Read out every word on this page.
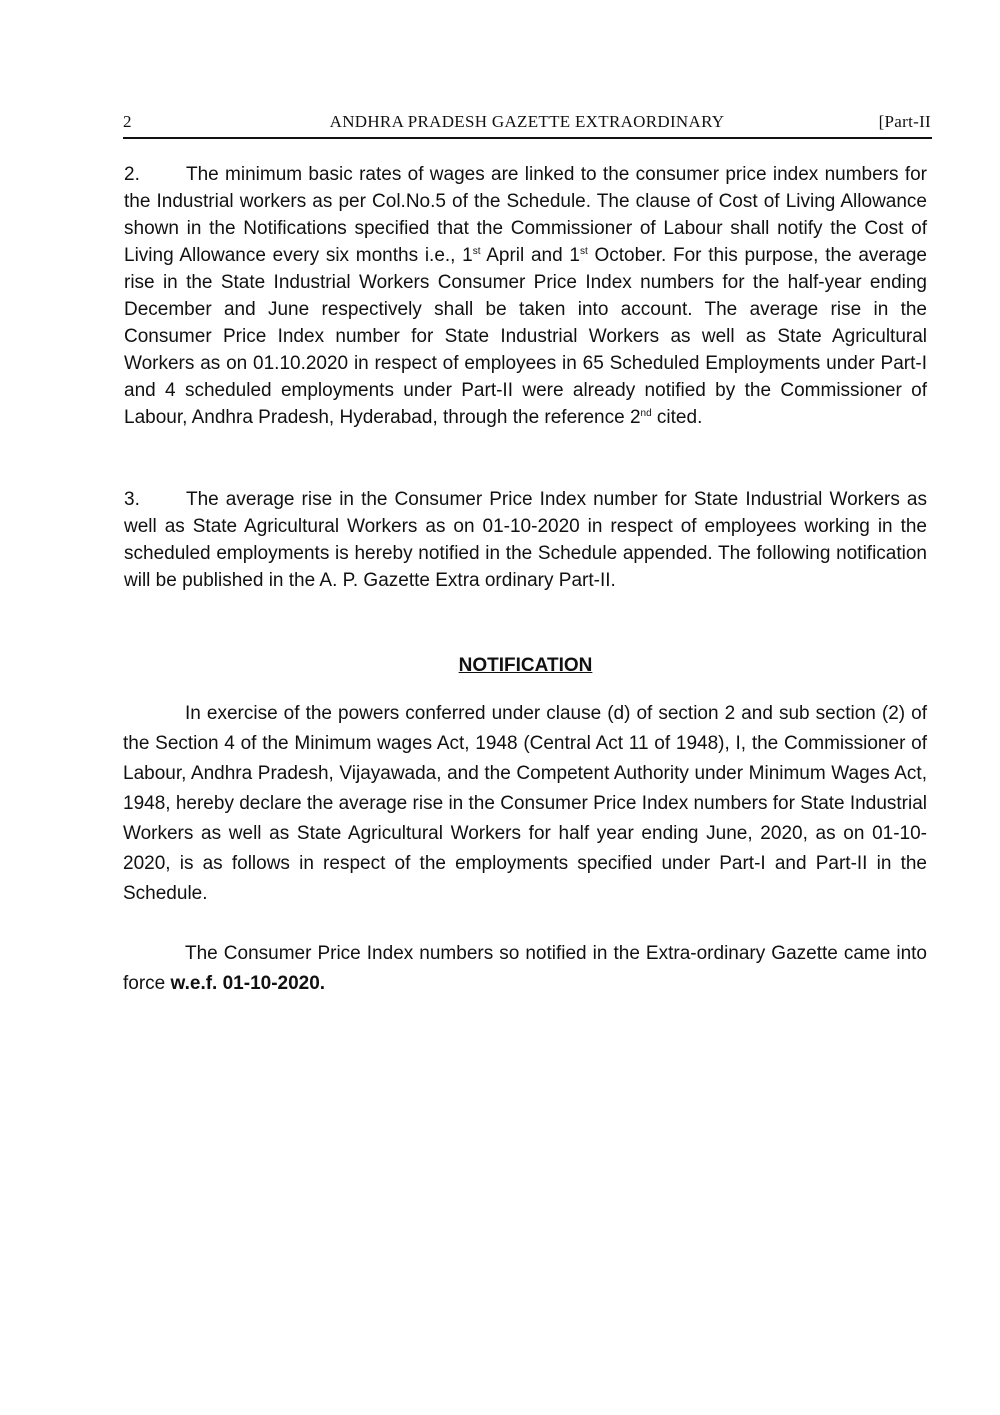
2	ANDHRA PRADESH GAZETTE EXTRAORDINARY	[Part-II

2. The minimum basic rates of wages are linked to the consumer price index numbers for the Industrial workers as per Col.No.5 of the Schedule. The clause of Cost of Living Allowance shown in the Notifications specified that the Commissioner of Labour shall notify the Cost of Living Allowance every six months i.e., 1st April and 1st October. For this purpose, the average rise in the State Industrial Workers Consumer Price Index numbers for the half-year ending December and June respectively shall be taken into account. The average rise in the Consumer Price Index number for State Industrial Workers as well as State Agricultural Workers as on 01.10.2020 in respect of employees in 65 Scheduled Employments under Part-I and 4 scheduled employments under Part-II were already notified by the Commissioner of Labour, Andhra Pradesh, Hyderabad, through the reference 2nd cited.

3. The average rise in the Consumer Price Index number for State Industrial Workers as well as State Agricultural Workers as on 01-10-2020 in respect of employees working in the scheduled employments is hereby notified in the Schedule appended. The following notification will be published in the A. P. Gazette Extra ordinary Part-II.

NOTIFICATION

In exercise of the powers conferred under clause (d) of section 2 and sub section (2) of the Section 4 of the Minimum wages Act, 1948 (Central Act 11 of 1948), I, the Commissioner of Labour, Andhra Pradesh, Vijayawada, and the Competent Authority under Minimum Wages Act, 1948, hereby declare the average rise in the Consumer Price Index numbers for State Industrial Workers as well as State Agricultural Workers for half year ending June, 2020, as on 01-10-2020, is as follows in respect of the employments specified under Part-I and Part-II in the Schedule.

The Consumer Price Index numbers so notified in the Extra-ordinary Gazette came into force w.e.f. 01-10-2020.
